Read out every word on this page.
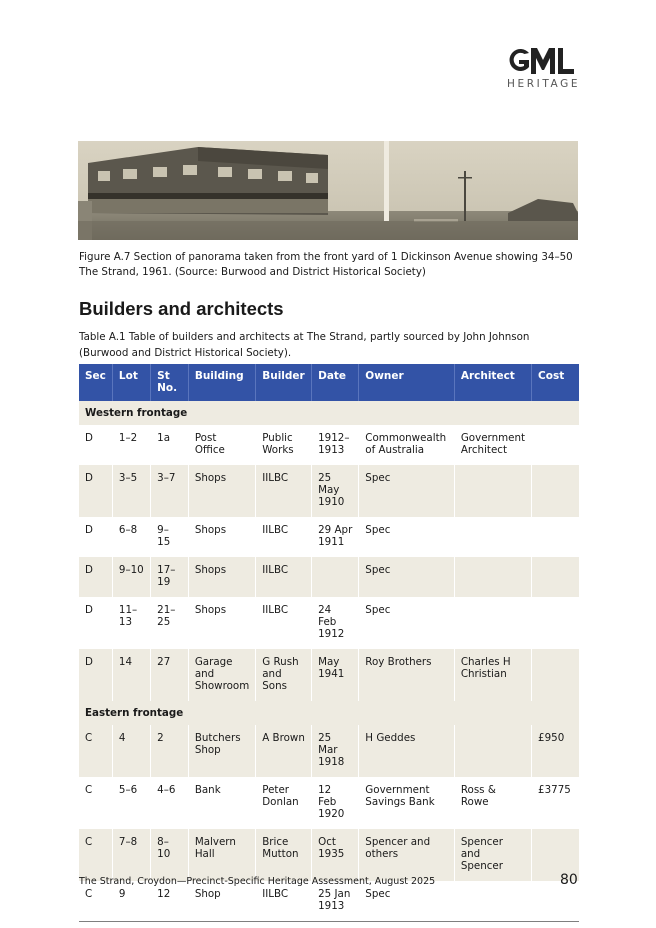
HERITAGE
Figure A.7 Section of panorama taken from the front yard of 1 Dickinson Avenue showing 34–50 The Strand, 1961. (Source: Burwood and District Historical Society)
Builders and architects
Table A.1 Table of builders and architects at The Strand, partly sourced by John Johnson (Burwood and District Historical Society).
Sec	Lot	St No.	Building	Builder	Date	Owner	Architect	Cost
Western frontage								
D	1–2	1a	Post Office	Public Works	1912–1913	Commonwealth of Australia	Government Architect	
D	3–5	3–7	Shops	IILBC	25 May 1910	Spec		
D	6–8	9–15	Shops	IILBC	29 Apr 1911	Spec		
D	9–10	17–19	Shops	IILBC		Spec		
D	11–13	21–25	Shops	IILBC	24 Feb 1912	Spec		
D	14	27	Garage and Showroom	G Rush and Sons	May 1941	Roy Brothers	Charles H Christian	
Eastern frontage								
C	4	2	Butchers Shop	A Brown	25 Mar 1918	H Geddes		£950
C	5–6	4–6	Bank	Peter Donlan	12 Feb 1920	Government Savings Bank	Ross & Rowe	£3775
C	7–8	8–10	Malvern Hall	Brice Mutton	Oct 1935	Spencer and others	Spencer and Spencer	
C	9	12	Shop	IILBC	25 Jan 1913	Spec		
The Strand, Croydon—Precinct-Specific Heritage Assessment, August 2025	80
